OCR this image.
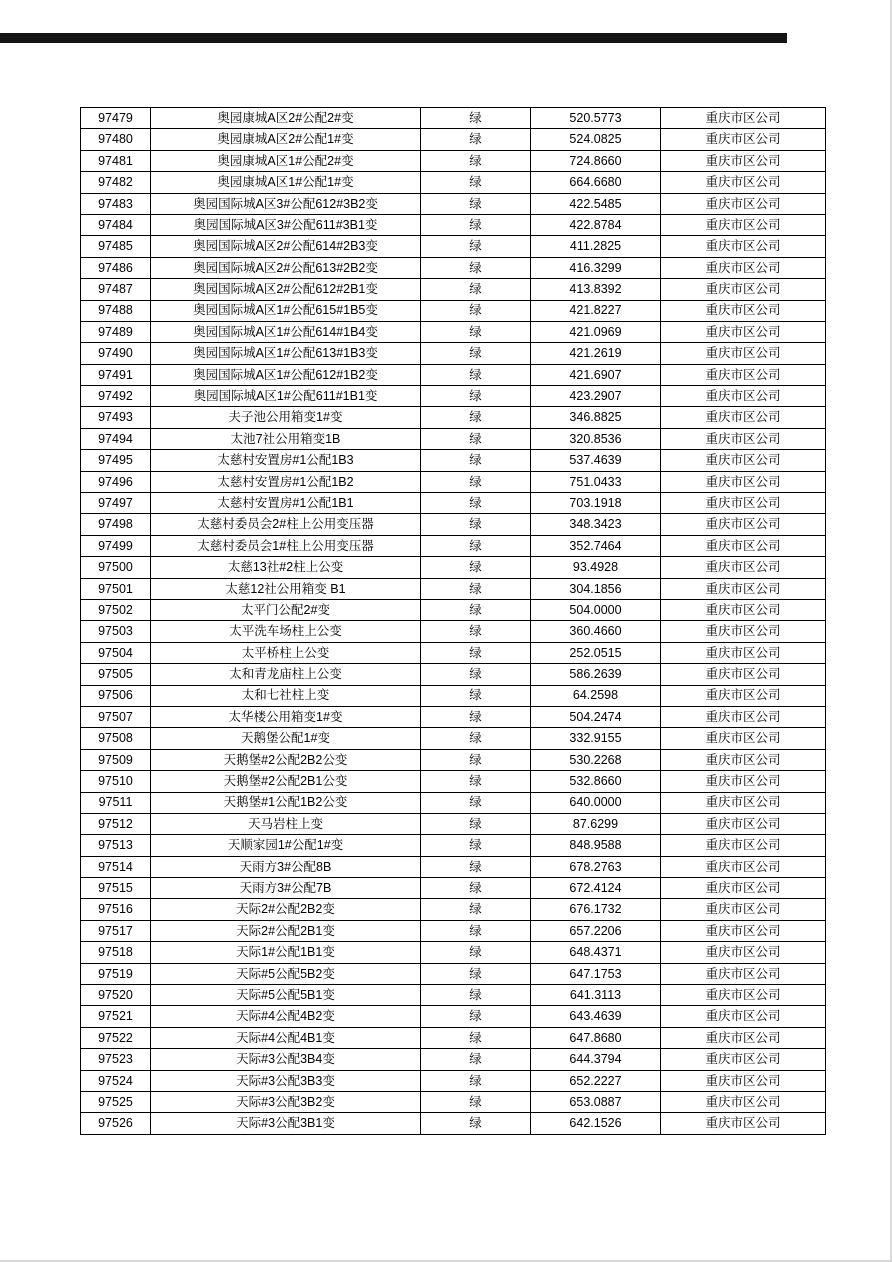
97479	奥园康城A区2#公配2#变	绿	520.5773	重庆市区公司
97480	奥园康城A区2#公配1#变	绿	524.0825	重庆市区公司
97481	奥园康城A区1#公配2#变	绿	724.8660	重庆市区公司
97482	奥园康城A区1#公配1#变	绿	664.6680	重庆市区公司
97483	奥园国际城A区3#公配612#3B2变	绿	422.5485	重庆市区公司
97484	奥园国际城A区3#公配611#3B1变	绿	422.8784	重庆市区公司
97485	奥园国际城A区2#公配614#2B3变	绿	411.2825	重庆市区公司
97486	奥园国际城A区2#公配613#2B2变	绿	416.3299	重庆市区公司
97487	奥园国际城A区2#公配612#2B1变	绿	413.8392	重庆市区公司
97488	奥园国际城A区1#公配615#1B5变	绿	421.8227	重庆市区公司
97489	奥园国际城A区1#公配614#1B4变	绿	421.0969	重庆市区公司
97490	奥园国际城A区1#公配613#1B3变	绿	421.2619	重庆市区公司
97491	奥园国际城A区1#公配612#1B2变	绿	421.6907	重庆市区公司
97492	奥园国际城A区1#公配611#1B1变	绿	423.2907	重庆市区公司
97493	夫子池公用箱变1#变	绿	346.8825	重庆市区公司
97494	太池7社公用箱变1B	绿	320.8536	重庆市区公司
97495	太慈村安置房#1公配1B3	绿	537.4639	重庆市区公司
97496	太慈村安置房#1公配1B2	绿	751.0433	重庆市区公司
97497	太慈村安置房#1公配1B1	绿	703.1918	重庆市区公司
97498	太慈村委员会2#柱上公用变压器	绿	348.3423	重庆市区公司
97499	太慈村委员会1#柱上公用变压器	绿	352.7464	重庆市区公司
97500	太慈13社#2柱上公变	绿	93.4928	重庆市区公司
97501	太慈12社公用箱变 B1	绿	304.1856	重庆市区公司
97502	太平门公配2#变	绿	504.0000	重庆市区公司
97503	太平洗车场柱上公变	绿	360.4660	重庆市区公司
97504	太平桥柱上公变	绿	252.0515	重庆市区公司
97505	太和青龙庙柱上公变	绿	586.2639	重庆市区公司
97506	太和七社柱上变	绿	64.2598	重庆市区公司
97507	太华楼公用箱变1#变	绿	504.2474	重庆市区公司
97508	天鹅堡公配1#变	绿	332.9155	重庆市区公司
97509	天鹅堡#2公配2B2公变	绿	530.2268	重庆市区公司
97510	天鹅堡#2公配2B1公变	绿	532.8660	重庆市区公司
97511	天鹅堡#1公配1B2公变	绿	640.0000	重庆市区公司
97512	天马岩柱上变	绿	87.6299	重庆市区公司
97513	天顺家园1#公配1#变	绿	848.9588	重庆市区公司
97514	天雨方3#公配8B	绿	678.2763	重庆市区公司
97515	天雨方3#公配7B	绿	672.4124	重庆市区公司
97516	天际2#公配2B2变	绿	676.1732	重庆市区公司
97517	天际2#公配2B1变	绿	657.2206	重庆市区公司
97518	天际1#公配1B1变	绿	648.4371	重庆市区公司
97519	天际#5公配5B2变	绿	647.1753	重庆市区公司
97520	天际#5公配5B1变	绿	641.3113	重庆市区公司
97521	天际#4公配4B2变	绿	643.4639	重庆市区公司
97522	天际#4公配4B1变	绿	647.8680	重庆市区公司
97523	天际#3公配3B4变	绿	644.3794	重庆市区公司
97524	天际#3公配3B3变	绿	652.2227	重庆市区公司
97525	天际#3公配3B2变	绿	653.0887	重庆市区公司
97526	天际#3公配3B1变	绿	642.1526	重庆市区公司
